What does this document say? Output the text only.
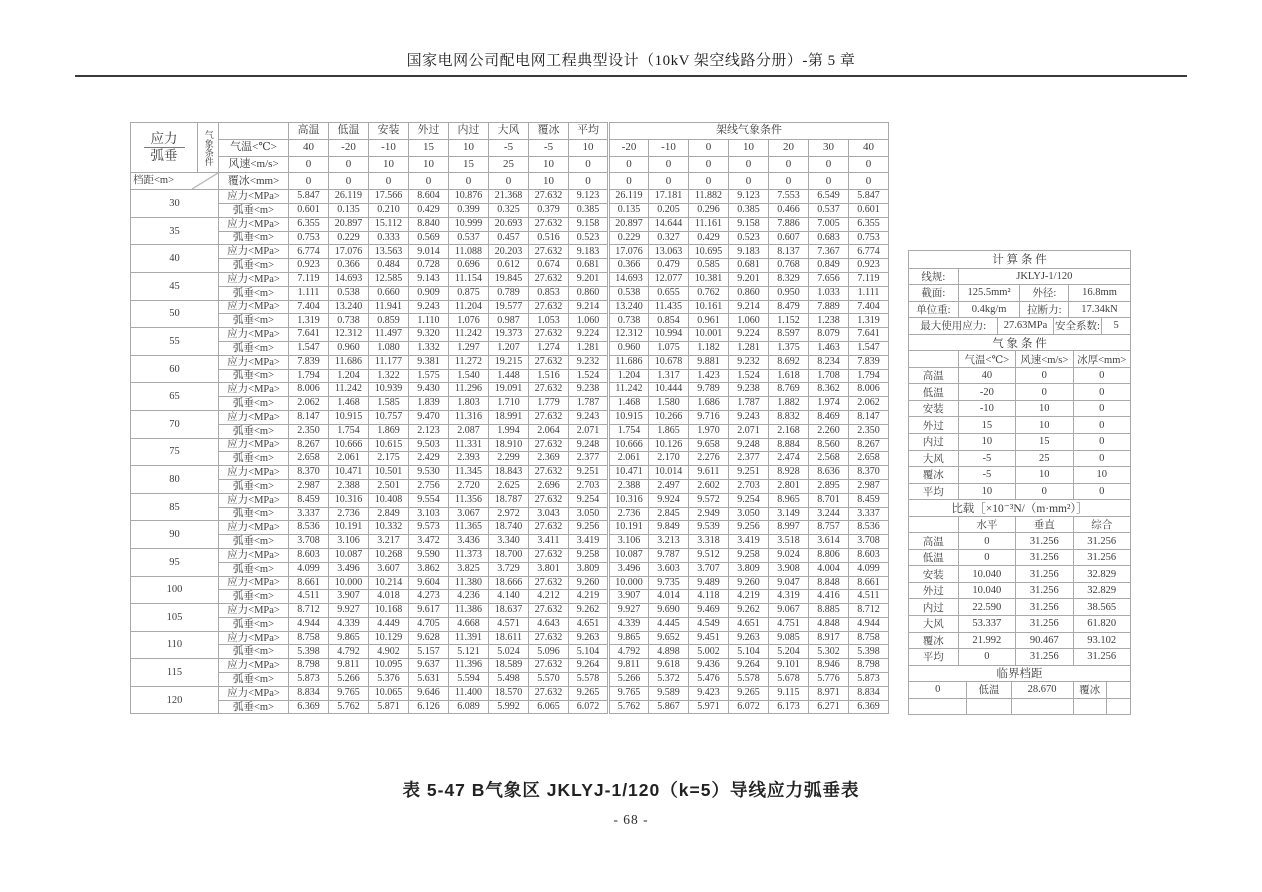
国家电网公司配电网工程典型设计（10kV 架空线路分册）-第 5 章
$\frac{\text{应力}}{\text{弧垂}}$ 气象条件		高温	低温	安装	外过	内过	大风	覆冰	平均	架线气象条件						
	气温<℃>	40	-20	-10	15	10	-5	-5	10	-20	-10	0	10	20	30	40
	风速<m/s>	0	0	10	10	15	25	10	0	0	0	0	0	0	0	0

档距<m>	覆冰<mm>	0	0	0	0	0	0	10	0	0	0	0	0	0	0	0
30	应力<MPa>	5.847	26.119	17.566	8.604	10.876	21.368	27.632	9.123	26.119	17.181	11.882	9.123	7.553	6.549	5.847
	弧垂<m>	0.601	0.135	0.210	0.429	0.399	0.325	0.379	0.385	0.135	0.205	0.296	0.385	0.466	0.537	0.601
35	应力<MPa>	6.355	20.897	15.112	8.840	10.999	20.693	27.632	9.158	20.897	14.644	11.161	9.158	7.886	7.005	6.355
	弧垂<m>	0.753	0.229	0.333	0.569	0.537	0.457	0.516	0.523	0.229	0.327	0.429	0.523	0.607	0.683	0.753
40	应力<MPa>	6.774	17.076	13.563	9.014	11.088	20.203	27.632	9.183	17.076	13.063	10.695	9.183	8.137	7.367	6.774
	弧垂<m>	0.923	0.366	0.484	0.728	0.696	0.612	0.674	0.681	0.366	0.479	0.585	0.681	0.768	0.849	0.923
45	应力<MPa>	7.119	14.693	12.585	9.143	11.154	19.845	27.632	9.201	14.693	12.077	10.381	9.201	8.329	7.656	7.119
	弧垂<m>	1.111	0.538	0.660	0.909	0.875	0.789	0.853	0.860	0.538	0.655	0.762	0.860	0.950	1.033	1.111
50	应力<MPa>	7.404	13.240	11.941	9.243	11.204	19.577	27.632	9.214	13.240	11.435	10.161	9.214	8.479	7.889	7.404
	弧垂<m>	1.319	0.738	0.859	1.110	1.076	0.987	1.053	1.060	0.738	0.854	0.961	1.060	1.152	1.238	1.319
55	应力<MPa>	7.641	12.312	11.497	9.320	11.242	19.373	27.632	9.224	12.312	10.994	10.001	9.224	8.597	8.079	7.641
	弧垂<m>	1.547	0.960	1.080	1.332	1.297	1.207	1.274	1.281	0.960	1.075	1.182	1.281	1.375	1.463	1.547
60	应力<MPa>	7.839	11.686	11.177	9.381	11.272	19.215	27.632	9.232	11.686	10.678	9.881	9.232	8.692	8.234	7.839
	弧垂<m>	1.794	1.204	1.322	1.575	1.540	1.448	1.516	1.524	1.204	1.317	1.423	1.524	1.618	1.708	1.794
65	应力<MPa>	8.006	11.242	10.939	9.430	11.296	19.091	27.632	9.238	11.242	10.444	9.789	9.238	8.769	8.362	8.006
	弧垂<m>	2.062	1.468	1.585	1.839	1.803	1.710	1.779	1.787	1.468	1.580	1.686	1.787	1.882	1.974	2.062
70	应力<MPa>	8.147	10.915	10.757	9.470	11.316	18.991	27.632	9.243	10.915	10.266	9.716	9.243	8.832	8.469	8.147
	弧垂<m>	2.350	1.754	1.869	2.123	2.087	1.994	2.064	2.071	1.754	1.865	1.970	2.071	2.168	2.260	2.350
75	应力<MPa>	8.267	10.666	10.615	9.503	11.331	18.910	27.632	9.248	10.666	10.126	9.658	9.248	8.884	8.560	8.267
	弧垂<m>	2.658	2.061	2.175	2.429	2.393	2.299	2.369	2.377	2.061	2.170	2.276	2.377	2.474	2.568	2.658
80	应力<MPa>	8.370	10.471	10.501	9.530	11.345	18.843	27.632	9.251	10.471	10.014	9.611	9.251	8.928	8.636	8.370
	弧垂<m>	2.987	2.388	2.501	2.756	2.720	2.625	2.696	2.703	2.388	2.497	2.602	2.703	2.801	2.895	2.987
85	应力<MPa>	8.459	10.316	10.408	9.554	11.356	18.787	27.632	9.254	10.316	9.924	9.572	9.254	8.965	8.701	8.459
	弧垂<m>	3.337	2.736	2.849	3.103	3.067	2.972	3.043	3.050	2.736	2.845	2.949	3.050	3.149	3.244	3.337
90	应力<MPa>	8.536	10.191	10.332	9.573	11.365	18.740	27.632	9.256	10.191	9.849	9.539	9.256	8.997	8.757	8.536
	弧垂<m>	3.708	3.106	3.217	3.472	3.436	3.340	3.411	3.419	3.106	3.213	3.318	3.419	3.518	3.614	3.708
95	应力<MPa>	8.603	10.087	10.268	9.590	11.373	18.700	27.632	9.258	10.087	9.787	9.512	9.258	9.024	8.806	8.603
	弧垂<m>	4.099	3.496	3.607	3.862	3.825	3.729	3.801	3.809	3.496	3.603	3.707	3.809	3.908	4.004	4.099
100	应力<MPa>	8.661	10.000	10.214	9.604	11.380	18.666	27.632	9.260	10.000	9.735	9.489	9.260	9.047	8.848	8.661
	弧垂<m>	4.511	3.907	4.018	4.273	4.236	4.140	4.212	4.219	3.907	4.014	4.118	4.219	4.319	4.416	4.511
105	应力<MPa>	8.712	9.927	10.168	9.617	11.386	18.637	27.632	9.262	9.927	9.690	9.469	9.262	9.067	8.885	8.712
	弧垂<m>	4.944	4.339	4.449	4.705	4.668	4.571	4.643	4.651	4.339	4.445	4.549	4.651	4.751	4.848	4.944
110	应力<MPa>	8.758	9.865	10.129	9.628	11.391	18.611	27.632	9.263	9.865	9.652	9.451	9.263	9.085	8.917	8.758
	弧垂<m>	5.398	4.792	4.902	5.157	5.121	5.024	5.096	5.104	4.792	4.898	5.002	5.104	5.204	5.302	5.398
115	应力<MPa>	8.798	9.811	10.095	9.637	11.396	18.589	27.632	9.264	9.811	9.618	9.436	9.264	9.101	8.946	8.798
	弧垂<m>	5.873	5.266	5.376	5.631	5.594	5.498	5.570	5.578	5.266	5.372	5.476	5.578	5.678	5.776	5.873
120	应力<MPa>	8.834	9.765	10.065	9.646	11.400	18.570	27.632	9.265	9.765	9.589	9.423	9.265	9.115	8.971	8.834
	弧垂<m>	6.369	5.762	5.871	6.126	6.089	5.992	6.065	6.072	5.762	5.867	5.971	6.072	6.173	6.271	6.369
计 算 条 件
线规:	JKLYJ-1/120
截面:	125.5mm²	外径:	16.8mm
单位重:	0.4kg/m	拉断力:	17.34kN
最大使用应力:	27.63MPa 安全系数:	5
气 象 条 件
气温<℃>	风速<m/s> 冰厚<mm>
高温	40	0	0
低温	-20	0	0
安装	-10	10	0
外过	15	10	0
内过	10	15	0
大风	-5	25	0
覆冰	-5	10	10
平均	10	0	0
比载［×10⁻³N/（m·mm²）］
水平	垂直	综合
高温	0	31.256	31.256
低温	0	31.256	31.256
安装	10.040	31.256	32.829
外过	10.040	31.256	32.829
内过	22.590	31.256	38.565
大风	53.337	31.256	61.820
覆冰	21.992	90.467	93.102
平均	0	31.256	31.256
临界档距
0	低温	28.670	覆冰
表 5-47 B气象区 JKLYJ-1/120（k=5）导线应力弧垂表
- 68 -
